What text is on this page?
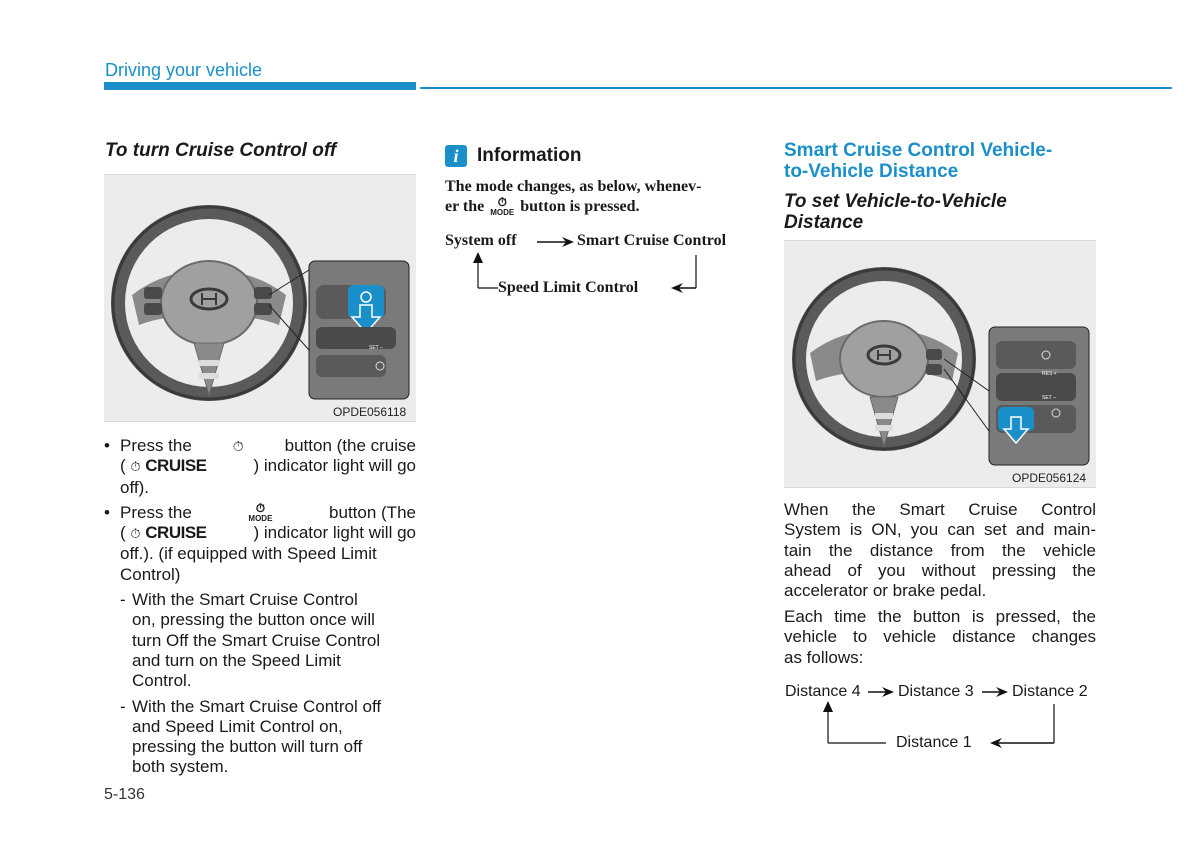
Driving your vehicle
To turn Cruise Control off
SET –
OPDE056118
• Press the	⏱ button (the cruise
( ⏱ CRUISE	) indicator light will go
off).
• Press the	⏱
MODE	button (The
( ⏱ CRUISE	) indicator light will go
off.). (if equipped with Speed Limit
Control)
- With the Smart Cruise Control
on, pressing the button once will
turn Off the Smart Cruise Control
and turn on the Speed Limit
Control.
- With the Smart Cruise Control off
and Speed Limit Control on,
pressing the button will turn off
both system.
5-136
i Information
The mode changes, as below, whenev-
er the	⏱
MODE button is pressed.
System off	Smart Cruise Control
Speed Limit Control
Smart Cruise Control Vehicle-
to-Vehicle Distance
To set Vehicle-to-Vehicle
Distance
RES +
SET –
OPDE056124
When the Smart Cruise Control
System is ON, you can set and main-
tain the distance from the vehicle
ahead of you without pressing the
accelerator or brake pedal.
Each time the button is pressed, the
vehicle to vehicle distance changes
as follows:
Distance 4 Distance 3 Distance 2
Distance 1
